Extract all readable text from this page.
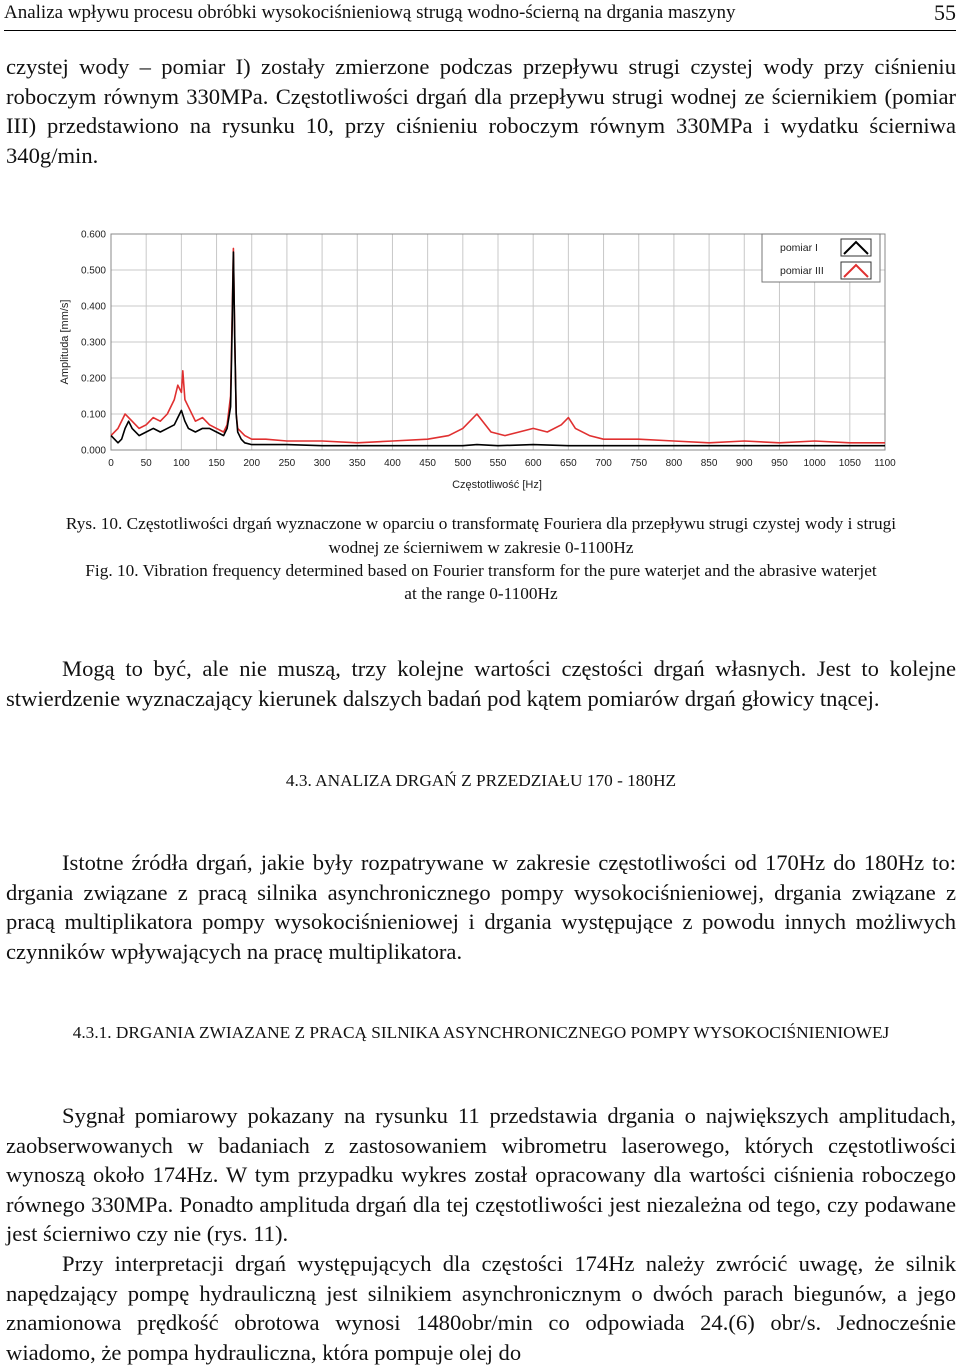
Analiza wpływu procesu obróbki wysokociśnieniową strugą wodno-ścierną na drgania maszyny	55

czystej wody – pomiar I) zostały zmierzone podczas przepływu strugi czystej wody przy ciśnieniu roboczym równym 330MPa. Częstotliwości drgań dla przepływu strugi wodnej ze ściernikiem (pomiar III) przedstawiono na rysunku 10, przy ciśnieniu roboczym równym 330MPa i wydatku ścierniwa 340g/min.

0.000
0.100
0.200
0.300
0.400
0.500
0.600
0	50 100 150 200 250 300 350 400 450 500 550 600 650 700 750 800 850 900 950 1000 1050 1100
Amplituda [mm/s]
Częstotliwość [Hz]
pomiar I
pomiar III

Rys. 10. Częstotliwości drgań wyznaczone w oparciu o transformatę Fouriera dla przepływu strugi czystej wody i strugi

wodnej ze ścierniwem w zakresie 0-1100Hz

Fig. 10. Vibration frequency determined based on Fourier transform for the pure waterjet and the abrasive waterjet

at the range 0-1100Hz

Mogą to być, ale nie muszą, trzy kolejne wartości częstości drgań własnych. Jest to kolejne stwierdzenie wyznaczający kierunek dalszych badań pod kątem pomiarów drgań głowicy tnącej.

4.3. ANALIZA DRGAŃ Z PRZEDZIAŁU 170 - 180HZ

Istotne źródła drgań, jakie były rozpatrywane w zakresie częstotliwości od 170Hz do 180Hz to: drgania związane z pracą silnika asynchronicznego pompy wysokociśnieniowej, drgania związane z pracą multiplikatora pompy wysokociśnieniowej i drgania występujące z powodu innych możliwych czynników wpływających na pracę multiplikatora.

4.3.1. DRGANIA ZWIAZANE Z PRACĄ SILNIKA ASYNCHRONICZNEGO POMPY WYSOKOCIŚNIENIOWEJ

Sygnał pomiarowy pokazany na rysunku 11 przedstawia drgania o największych amplitudach, zaobserwowanych w badaniach z zastosowaniem wibrometru laserowego, których częstotliwości wynoszą około 174Hz. W tym przypadku wykres został opracowany dla wartości ciśnienia roboczego równego 330MPa. Ponadto amplituda drgań dla tej częstotliwości jest niezależna od tego, czy podawane jest ścierniwo czy nie (rys. 11).

Przy interpretacji drgań występujących dla częstości 174Hz należy zwrócić uwagę, że silnik napędzający pompę hydrauliczną jest silnikiem asynchronicznym o dwóch parach biegunów, a jego znamionowa prędkość obrotowa wynosi 1480obr/min co odpowiada 24.(6) obr/s. Jednocześnie wiadomo, że pompa hydrauliczna, która pompuje olej do
